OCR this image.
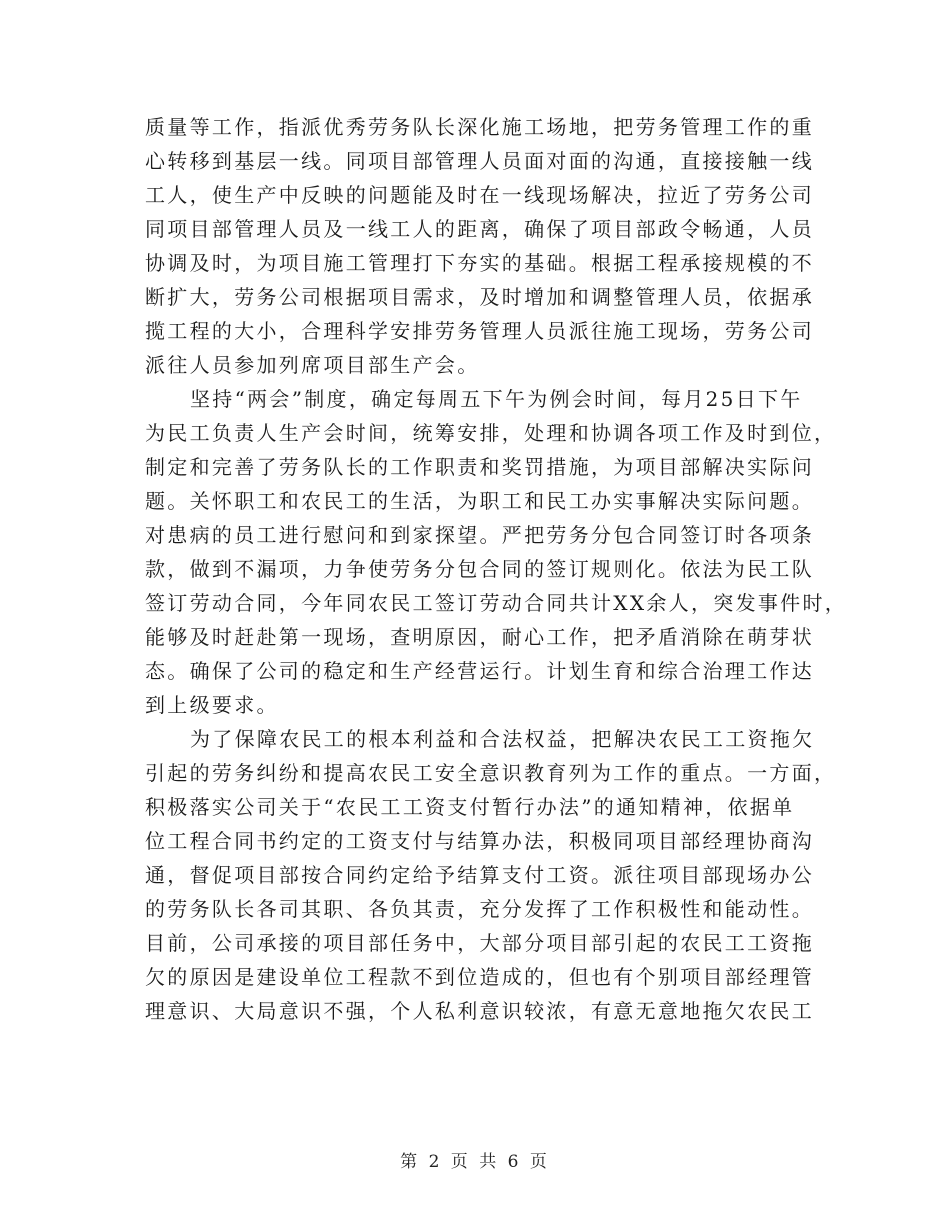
质量等工作，指派优秀劳务队长深化施工场地，把劳务管理工作的重
心转移到基层一线。同项目部管理人员面对面的沟通，直接接触一线
工人，使生产中反映的问题能及时在一线现场解决，拉近了劳务公司
同项目部管理人员及一线工人的距离，确保了项目部政令畅通，人员
协调及时，为项目施工管理打下夯实的基础。根据工程承接规模的不
断扩大，劳务公司根据项目需求，及时增加和调整管理人员，依据承
揽工程的大小，合理科学安排劳务管理人员派往施工现场，劳务公司
派往人员参加列席项目部生产会。
坚持“两会”制度，确定每周五下午为例会时间，每月25日下午
为民工负责人生产会时间，统筹安排，处理和协调各项工作及时到位，
制定和完善了劳务队长的工作职责和奖罚措施，为项目部解决实际问
题。关怀职工和农民工的生活，为职工和民工办实事解决实际问题。
对患病的员工进行慰问和到家探望。严把劳务分包合同签订时各项条
款，做到不漏项，力争使劳务分包合同的签订规则化。依法为民工队
签订劳动合同，今年同农民工签订劳动合同共计XX余人，突发事件时，
能够及时赶赴第一现场，查明原因，耐心工作，把矛盾消除在萌芽状
态。确保了公司的稳定和生产经营运行。计划生育和综合治理工作达
到上级要求。
为了保障农民工的根本利益和合法权益，把解决农民工工资拖欠
引起的劳务纠纷和提高农民工安全意识教育列为工作的重点。一方面，
积极落实公司关于“农民工工资支付暂行办法”的通知精神，依据单
位工程合同书约定的工资支付与结算办法，积极同项目部经理协商沟
通，督促项目部按合同约定给予结算支付工资。派往项目部现场办公
的劳务队长各司其职、各负其责，充分发挥了工作积极性和能动性。
目前，公司承接的项目部任务中，大部分项目部引起的农民工工资拖
欠的原因是建设单位工程款不到位造成的，但也有个别项目部经理管
理意识、大局意识不强，个人私利意识较浓，有意无意地拖欠农民工
第 2 页 共 6 页
